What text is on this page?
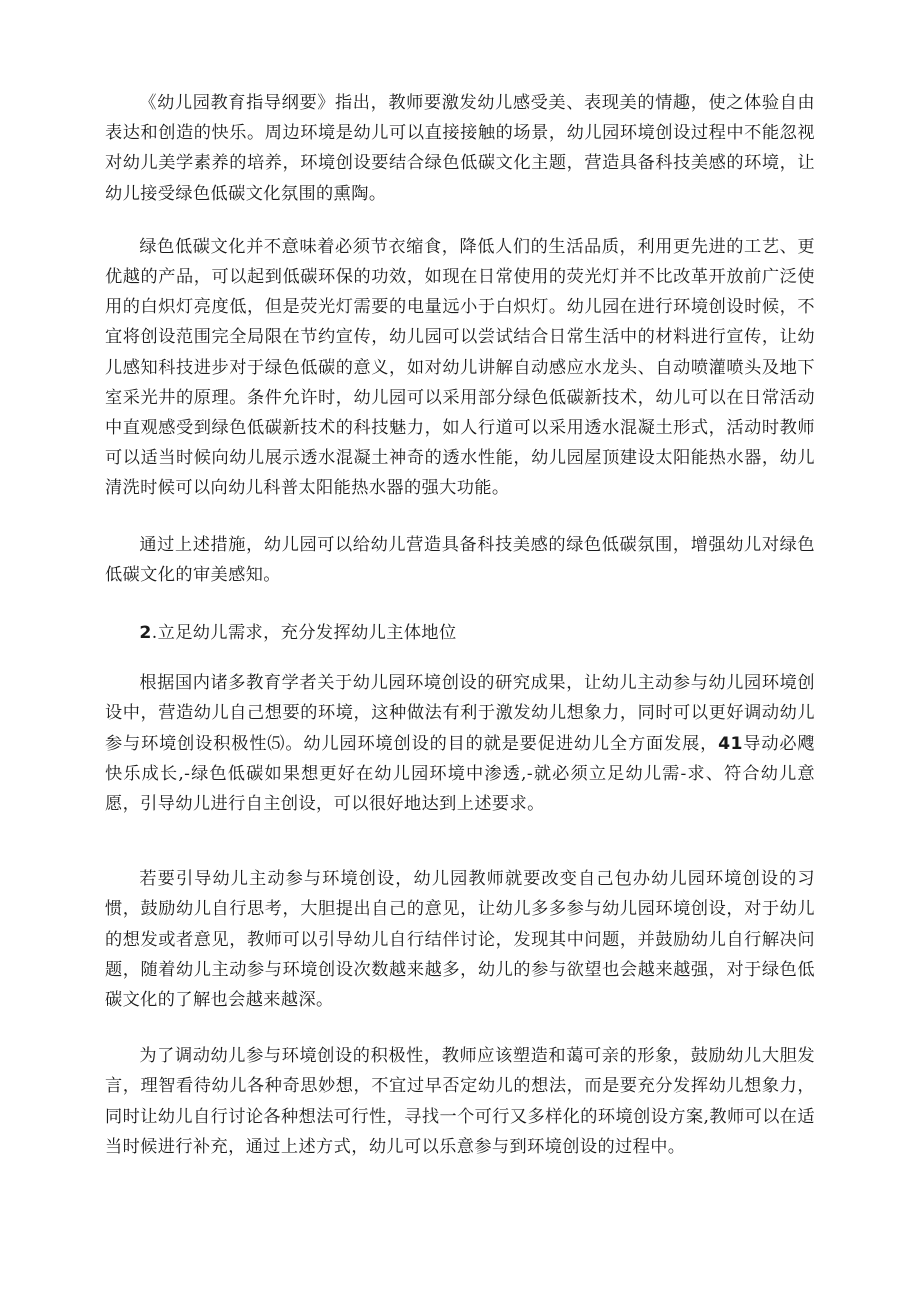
《幼儿园教育指导纲要》指出，教师要激发幼儿感受美、表现美的情趣，使之体验自由表达和创造的快乐。周边环境是幼儿可以直接接触的场景，幼儿园环境创设过程中不能忽视对幼儿美学素养的培养，环境创设要结合绿色低碳文化主题，营造具备科技美感的环境，让幼儿接受绿色低碳文化氛围的熏陶。

绿色低碳文化并不意味着必须节衣缩食，降低人们的生活品质，利用更先进的工艺、更优越的产品，可以起到低碳环保的功效，如现在日常使用的荧光灯并不比改革开放前广泛使用的白炽灯亮度低，但是荧光灯需要的电量远小于白炽灯。幼儿园在进行环境创设时候，不宜将创设范围完全局限在节约宣传，幼儿园可以尝试结合日常生活中的材料进行宣传，让幼儿感知科技进步对于绿色低碳的意义，如对幼儿讲解自动感应水龙头、自动喷灌喷头及地下室采光井的原理。条件允许时，幼儿园可以采用部分绿色低碳新技术，幼儿可以在日常活动中直观感受到绿色低碳新技术的科技魅力，如人行道可以采用透水混凝土形式，活动时教师可以适当时候向幼儿展示透水混凝土神奇的透水性能，幼儿园屋顶建设太阳能热水器，幼儿清洗时候可以向幼儿科普太阳能热水器的强大功能。

通过上述措施，幼儿园可以给幼儿营造具备科技美感的绿色低碳氛围，增强幼儿对绿色低碳文化的审美感知。

2.立足幼儿需求，充分发挥幼儿主体地位

根据国内诸多教育学者关于幼儿园环境创设的研究成果，让幼儿主动参与幼儿园环境创设中，营造幼儿自己想要的环境，这种做法有利于激发幼儿想象力，同时可以更好调动幼儿参与环境创设积极性⑸。幼儿园环境创设的目的就是要促进幼儿全方面发展，41导动必飕快乐成长,-绿色低碳如果想更好在幼儿园环境中渗透,-就必须立足幼儿需-求、符合幼儿意愿，引导幼儿进行自主创设，可以很好地达到上述要求。

若要引导幼儿主动参与环境创设，幼儿园教师就要改变自己包办幼儿园环境创设的习惯，鼓励幼儿自行思考，大胆提出自己的意见，让幼儿多多参与幼儿园环境创设，对于幼儿的想发或者意见，教师可以引导幼儿自行结伴讨论，发现其中问题，并鼓励幼儿自行解决问题，随着幼儿主动参与环境创设次数越来越多，幼儿的参与欲望也会越来越强，对于绿色低碳文化的了解也会越来越深。

为了调动幼儿参与环境创设的积极性，教师应该塑造和蔼可亲的形象，鼓励幼儿大胆发言，理智看待幼儿各种奇思妙想，不宜过早否定幼儿的想法，而是要充分发挥幼儿想象力，同时让幼儿自行讨论各种想法可行性，寻找一个可行又多样化的环境创设方案,教师可以在适当时候进行补充，通过上述方式，幼儿可以乐意参与到环境创设的过程中。
